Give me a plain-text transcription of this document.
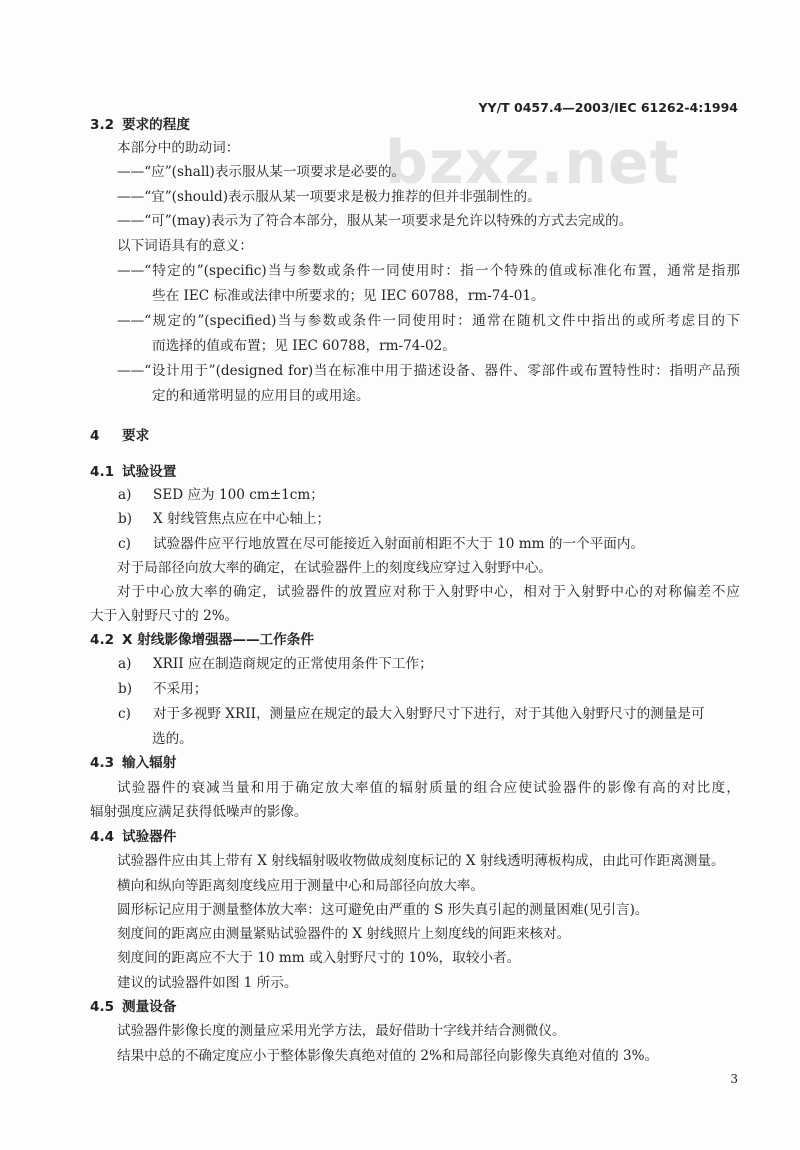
bzxz.net
YY/T 0457.4—2003/IEC 61262-4:1994
3.2 要求的程度
本部分中的助动词：
——“应”(shall)表示服从某一项要求是必要的。
——“宜”(should)表示服从某一项要求是极力推荐的但并非强制性的。
——“可”(may)表示为了符合本部分，服从某一项要求是允许以特殊的方式去完成的。
以下词语具有的意义：
——“特定的”(specific)当与参数或条件一同使用时：指一个特殊的值或标准化布置，通常是指那
些在 IEC 标准或法律中所要求的；见 IEC 60788，rm-74-01。
——“规定的”(specified)当与参数或条件一同使用时：通常在随机文件中指出的或所考虑目的下
而选择的值或布置；见 IEC 60788，rm-74-02。
——“设计用于”(designed for)当在标准中用于描述设备、器件、零部件或布置特性时：指明产品预
定的和通常明显的应用目的或用途。
4 要求
4.1 试验设置
a) SED 应为 100 cm±1cm；
b) X 射线管焦点应在中心轴上；
c) 试验器件应平行地放置在尽可能接近入射面前相距不大于 10 mm 的一个平面内。
对于局部径向放大率的确定，在试验器件上的刻度线应穿过入射野中心。
对于中心放大率的确定，试验器件的放置应对称于入射野中心，相对于入射野中心的对称偏差不应
大于入射野尺寸的 2%。
4.2 X 射线影像增强器——工作条件
a) XRII 应在制造商规定的正常使用条件下工作；
b) 不采用；
c) 对于多视野 XRII，测量应在规定的最大入射野尺寸下进行，对于其他入射野尺寸的测量是可
选的。
4.3 输入辐射
试验器件的衰减当量和用于确定放大率值的辐射质量的组合应使试验器件的影像有高的对比度，
辐射强度应满足获得低噪声的影像。
4.4 试验器件
试验器件应由其上带有 X 射线辐射吸收物做成刻度标记的 X 射线透明薄板构成，由此可作距离测量。
横向和纵向等距离刻度线应用于测量中心和局部径向放大率。
圆形标记应用于测量整体放大率：这可避免由严重的 S 形失真引起的测量困难(见引言)。
刻度间的距离应由测量紧贴试验器件的 X 射线照片上刻度线的间距来核对。
刻度间的距离应不大于 10 mm 或入射野尺寸的 10%，取较小者。
建议的试验器件如图 1 所示。
4.5 测量设备
试验器件影像长度的测量应采用光学方法，最好借助十字线并结合测微仪。
结果中总的不确定度应小于整体影像失真绝对值的 2%和局部径向影像失真绝对值的 3%。
3
